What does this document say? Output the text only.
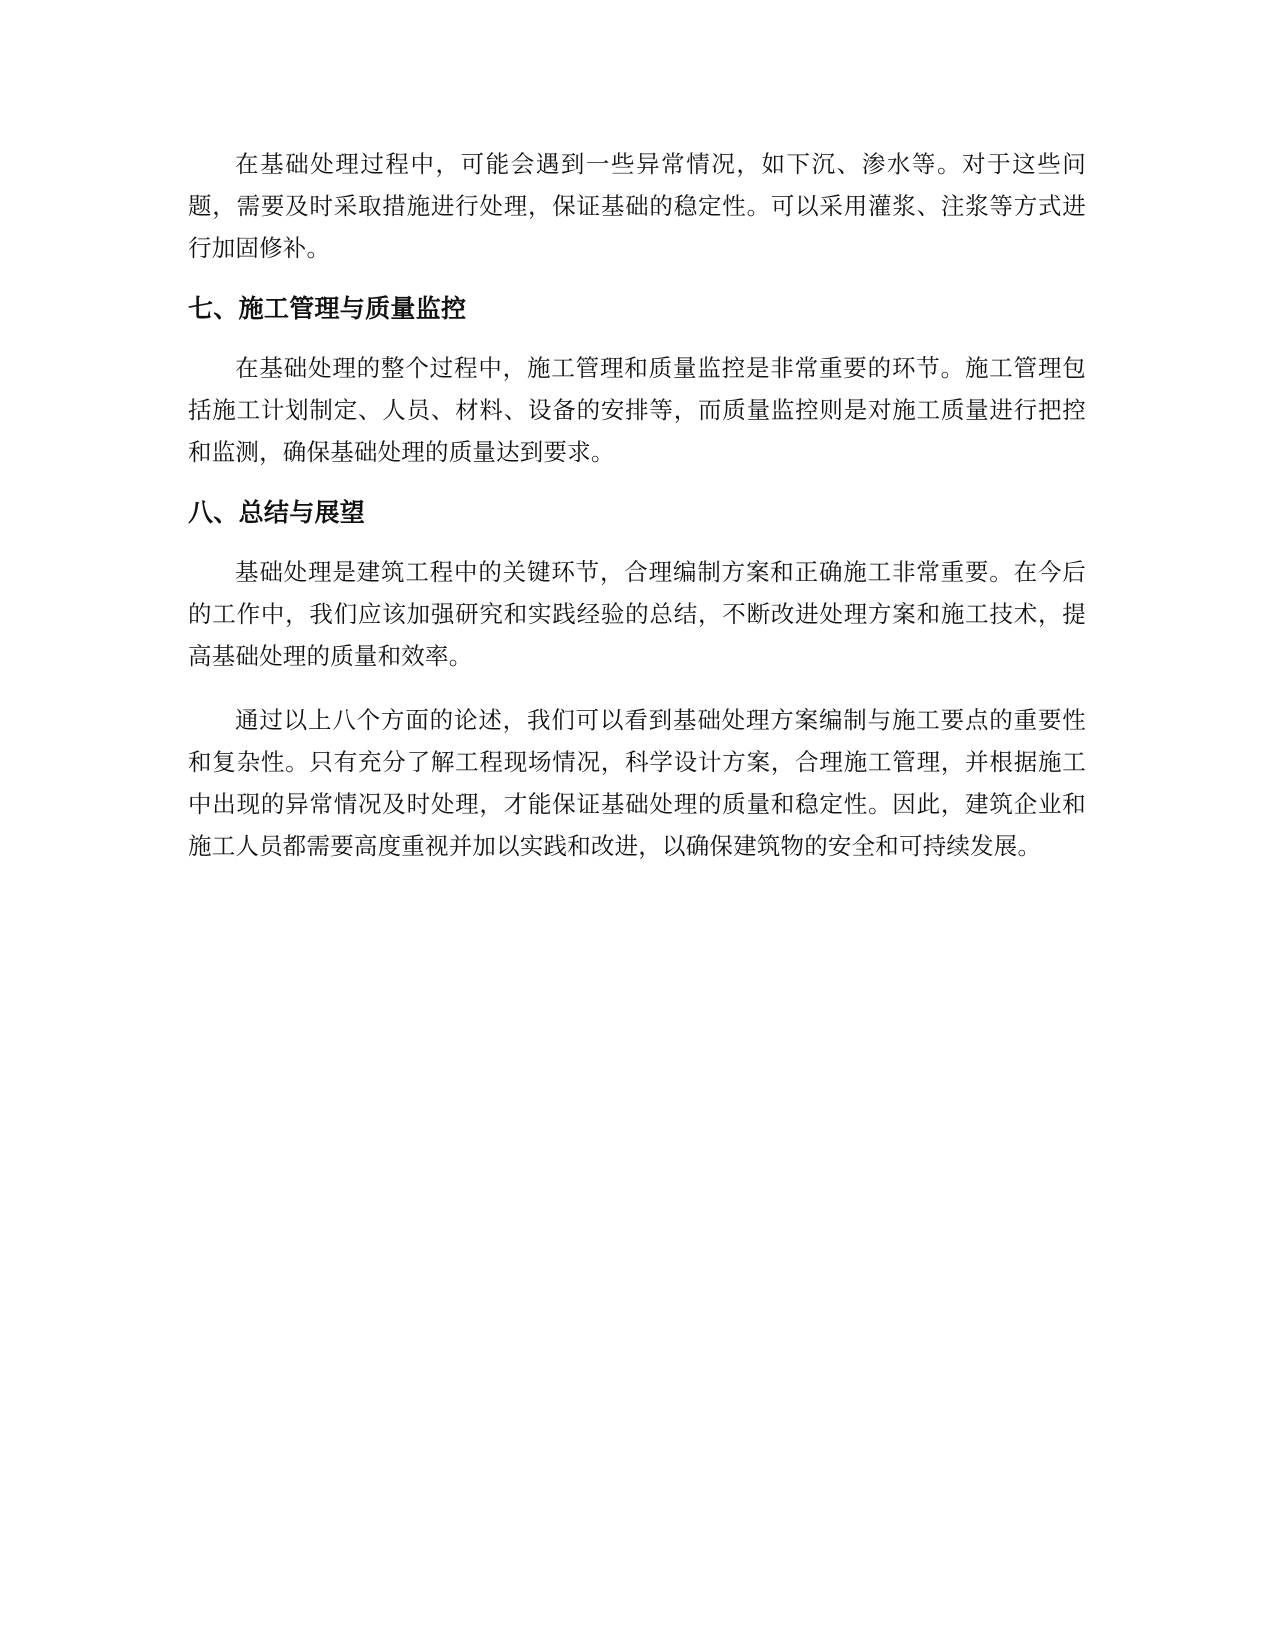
在基础处理过程中，可能会遇到一些异常情况，如下沉、渗水等。对于这些问题，需要及时采取措施进行处理，保证基础的稳定性。可以采用灌浆、注浆等方式进行加固修补。

七、施工管理与质量监控

在基础处理的整个过程中，施工管理和质量监控是非常重要的环节。施工管理包括施工计划制定、人员、材料、设备的安排等，而质量监控则是对施工质量进行把控和监测，确保基础处理的质量达到要求。

八、总结与展望

基础处理是建筑工程中的关键环节，合理编制方案和正确施工非常重要。在今后的工作中，我们应该加强研究和实践经验的总结，不断改进处理方案和施工技术，提高基础处理的质量和效率。

通过以上八个方面的论述，我们可以看到基础处理方案编制与施工要点的重要性和复杂性。只有充分了解工程现场情况，科学设计方案，合理施工管理，并根据施工中出现的异常情况及时处理，才能保证基础处理的质量和稳定性。因此，建筑企业和施工人员都需要高度重视并加以实践和改进，以确保建筑物的安全和可持续发展。
